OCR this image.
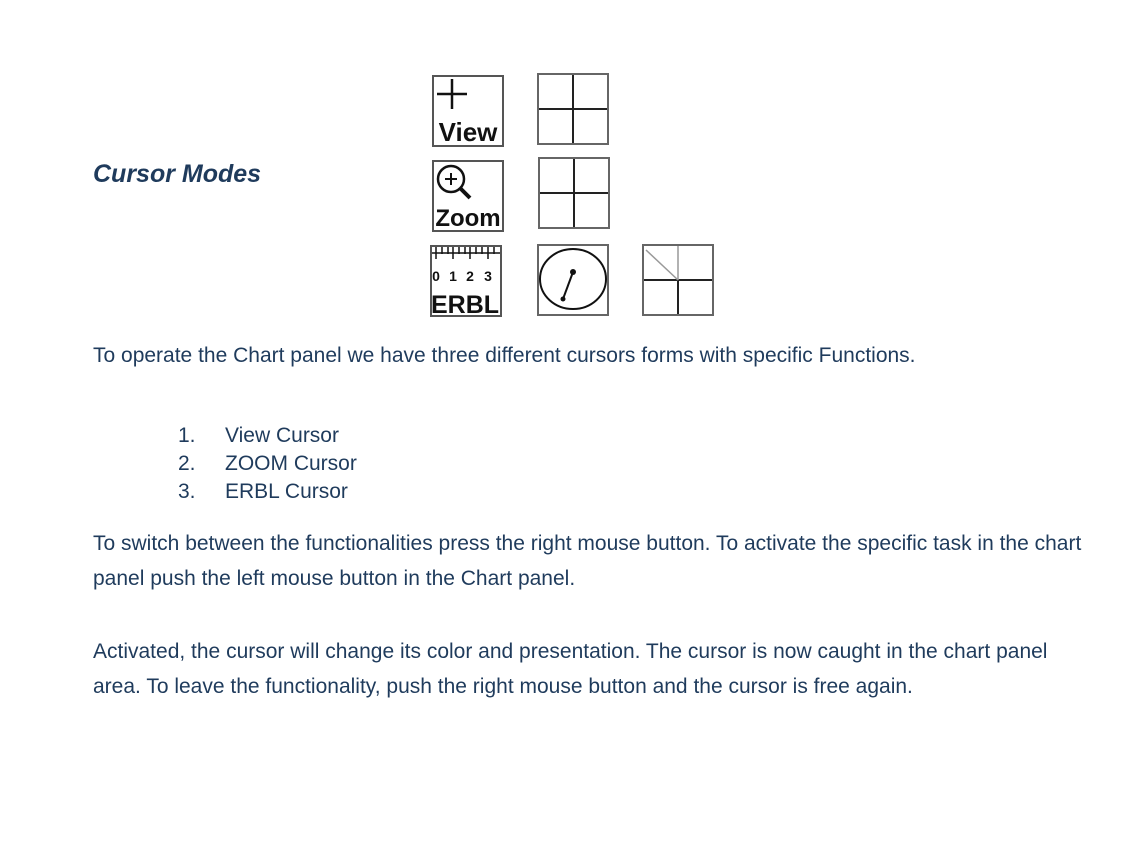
Cursor Modes
View
Zoom
0 1 2 3
ERBL

To operate the Chart panel we have three different cursors forms with specific Functions.

1. View Cursor
2. ZOOM Cursor
3. ERBL Cursor

To switch between the functionalities press the right mouse button. To activate the specific task in the chart panel push the left mouse button in the Chart panel.

Activated, the cursor will change its color and presentation. The cursor is now caught in the chart panel area. To leave the functionality, push the right mouse button and the cursor is free again.
